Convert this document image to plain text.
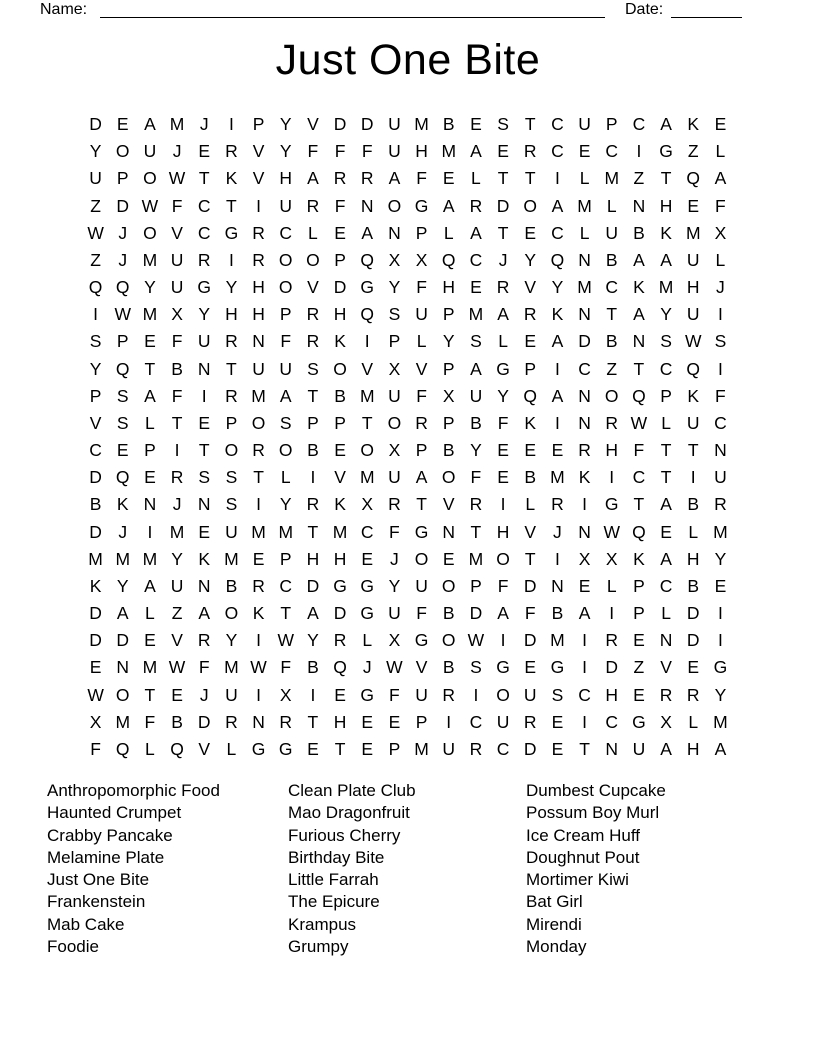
Name:	Date:
Just One Bite
D E A M J	I	P Y V D D U M B E S T C U P C A K E
Y O U J E R V Y F F F U H M A E R C E C	I	G Z L
U P O W T K V H A R R A F E L T T	I	L M Z T Q A
Z D W F C T	I	U R F N O G A R D O A M L N H E F
W J O V C G R C L E A N P L A T E C L U B K M X
Z J M U R	I	R O O P Q X X Q C J Y Q N B A A U L
Q Q Y U G Y H O V D G Y F H E R V Y M C K M H J
I W M X Y H H P R H Q S U P M A R K N T A Y U	I
S P E F U R N F R K	I	P L Y S L E A D B N S W S
Y Q T B N T U U S O V X V P A G P	I	C Z T C Q	I
P S A F	I	R M A T B M U F X U Y Q A N O Q P K F
V S L T E P O S P P T O R P B F K	I	N R W L U C
C E P	I	T O R O B E O X P B Y E E E R H F T T N
D Q E R S S T L	I	V M U A O F E B M K	I	C T	I	U
B K N J N S	I	Y R K X R T V R	I	L R	I	G T A B R
D J	I M E U M M T M C F G N T H V J N W Q E L M
M M M Y K M E P H H E J O E M O T	I	X X K A H Y
K Y A U N B R C D G G Y U O P F D N E L P C B E
D A L Z A O K T A D G U F B D A F B A	I	P L D	I
D D E V R Y	I W Y R L X G O W I	D M I	R E N D	I
E N M W F M W F B Q J W V B S G E G	I	D Z V E G
W O T E J U	I	X	I	E G F U R	I	O U S C H E R R Y
X M F B D R N R T H E E P	I	C U R E	I	C G X L M
F Q L Q V L G G E T E P M U R C D E T N U A H A
Anthropomorphic Food
Haunted Crumpet
Crabby Pancake
Melamine Plate
Just One Bite
Frankenstein
Mab Cake
Foodie
Clean Plate Club
Mao Dragonfruit
Furious Cherry
Birthday Bite
Little Farrah
The Epicure
Krampus
Grumpy
Dumbest Cupcake
Possum Boy Murl
Ice Cream Huff
Doughnut Pout
Mortimer Kiwi
Bat Girl
Mirendi
Monday
